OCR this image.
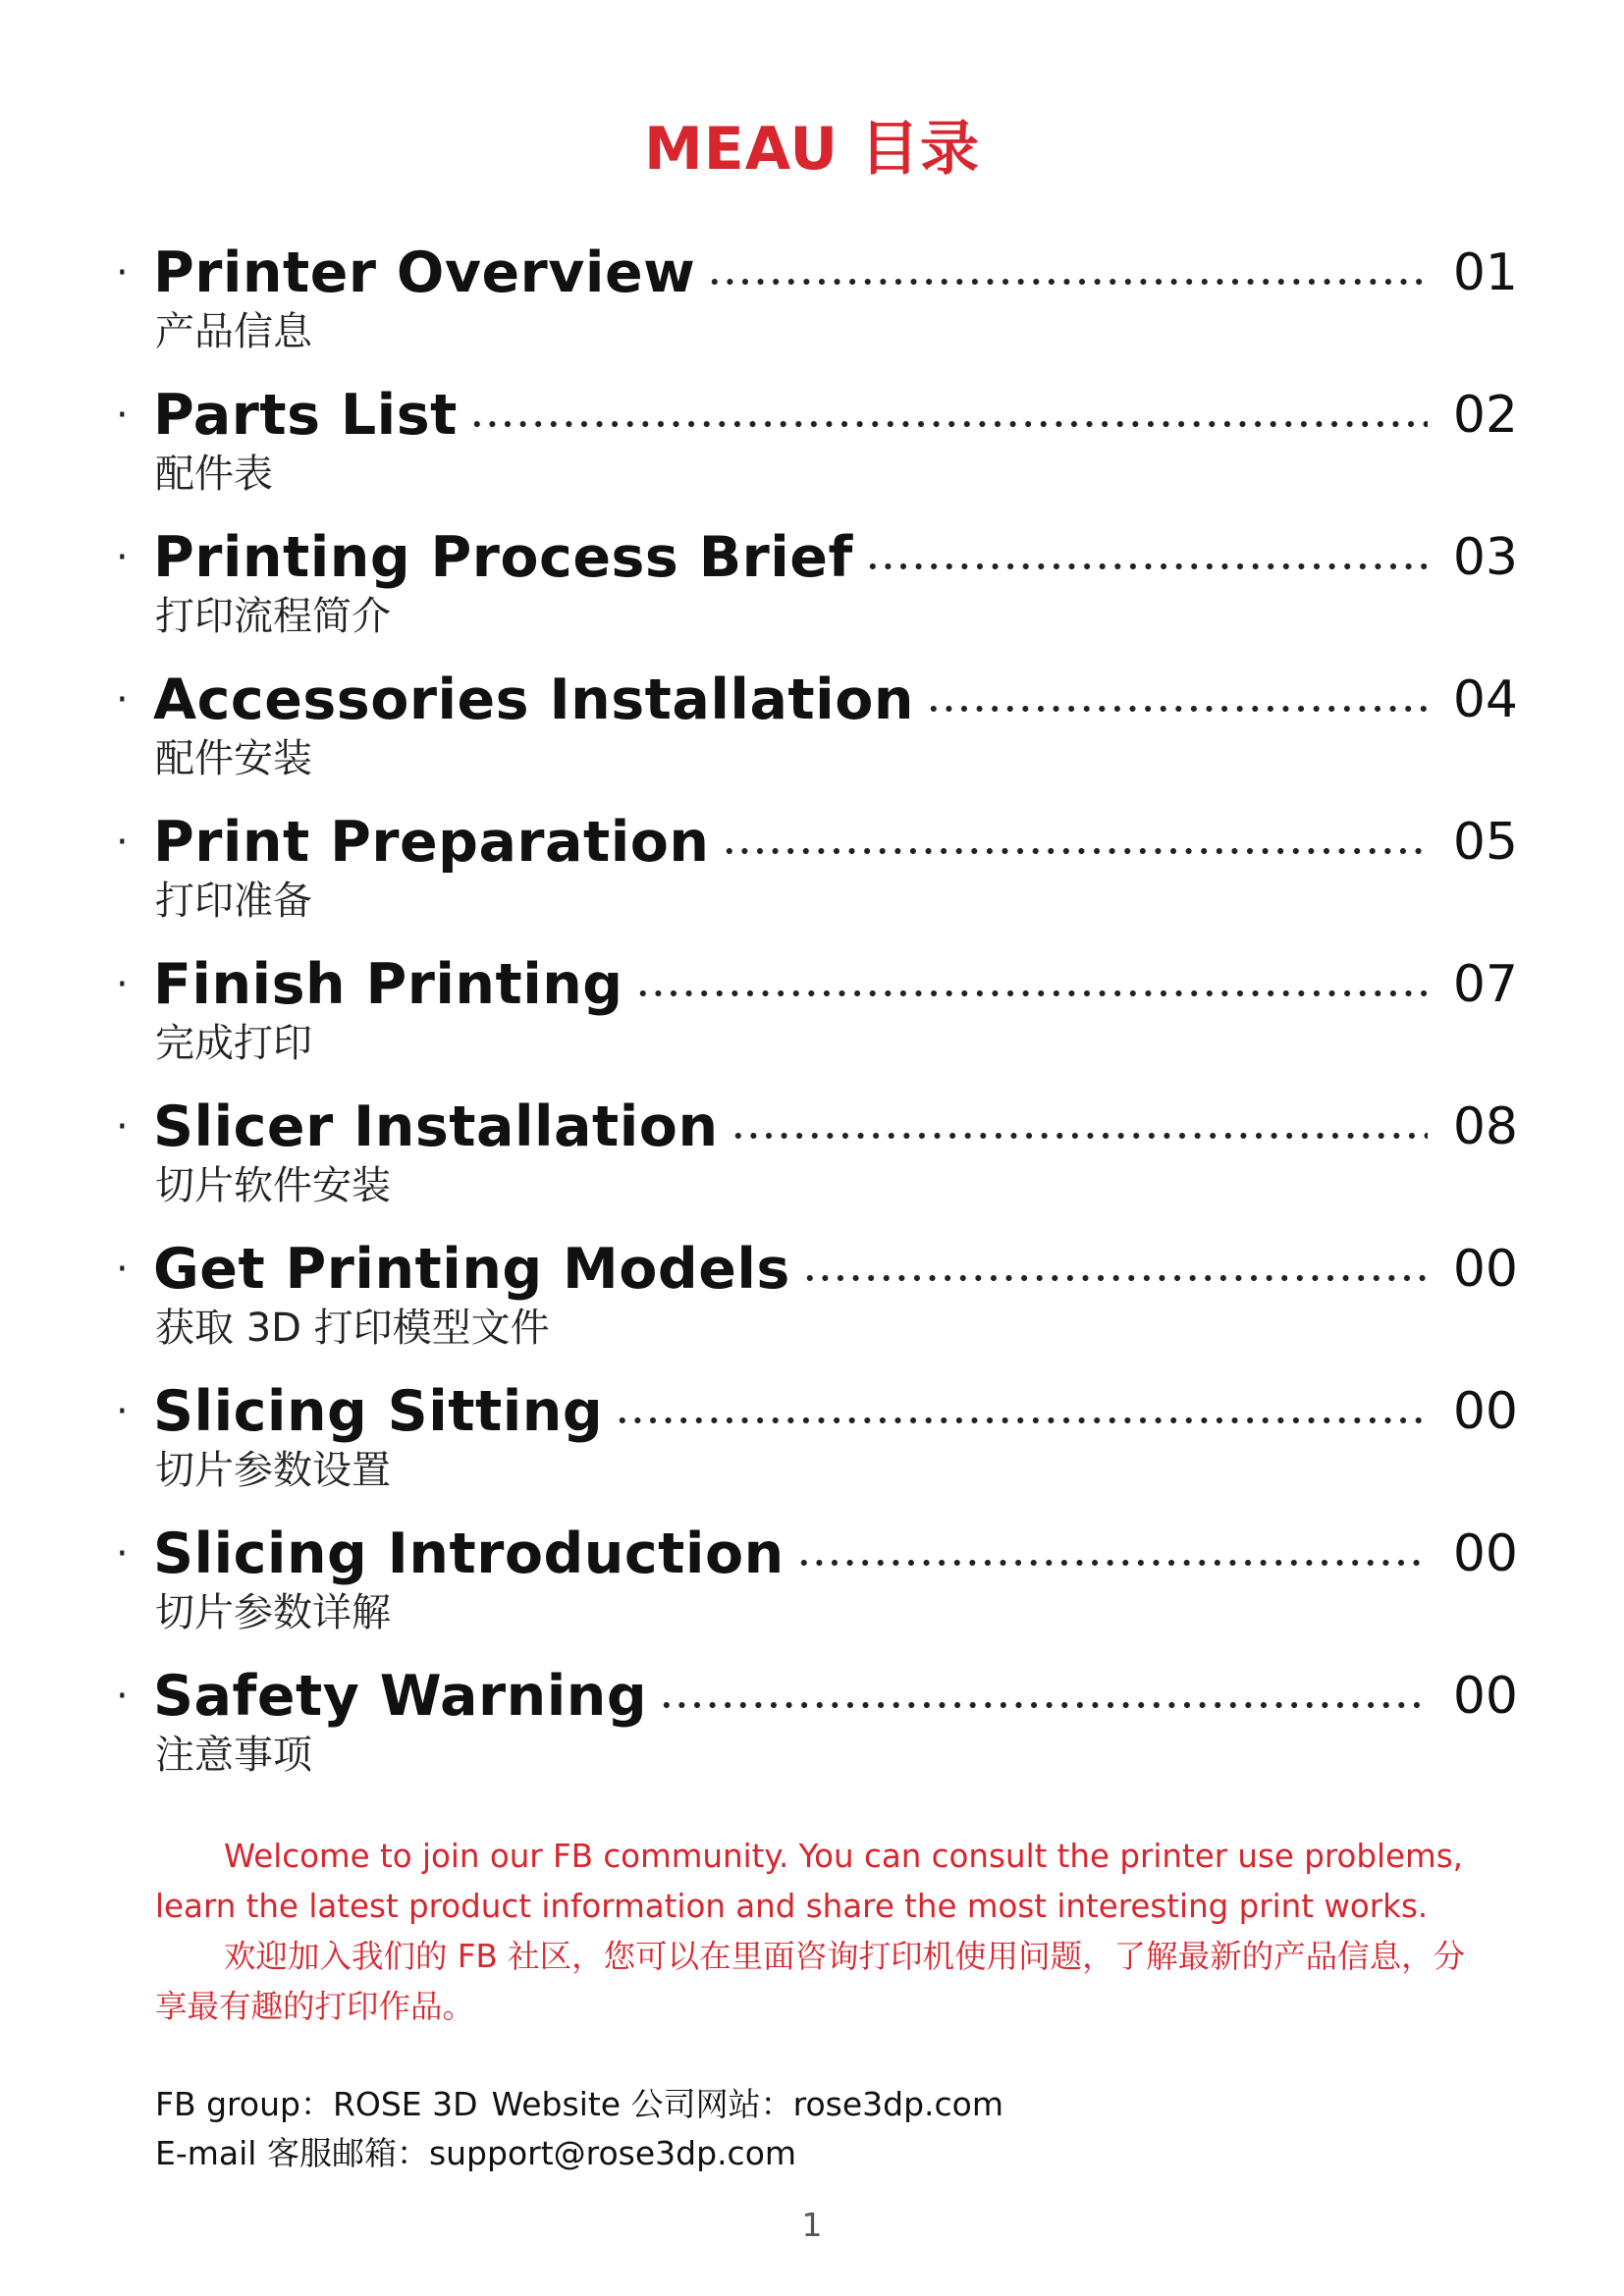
MEAU 目录
· Printer Overview	01
产品信息
· Parts List	02
配件表
· Printing Process Brief	03
打印流程简介
· Accessories Installation	04
配件安装
· Print Preparation	05
打印准备
· Finish Printing	07
完成打印
· Slicer Installation	08
切片软件安装
· Get Printing Models	00
获取 3D 打印模型文件
· Slicing Sitting	00
切片参数设置
· Slicing Introduction	00
切片参数详解
· Safety Warning	00
注意事项

Welcome to join our FB community. You can consult the printer use problems, learn the latest product information and share the most interesting print works.

欢迎加入我们的 FB 社区，您可以在里面咨询打印机使用问题，了解最新的产品信息，分享最有趣的打印作品。

FB group：ROSE 3D Website 公司网站：rose3dp.com
E-mail 客服邮箱：support@rose3dp.com
1
